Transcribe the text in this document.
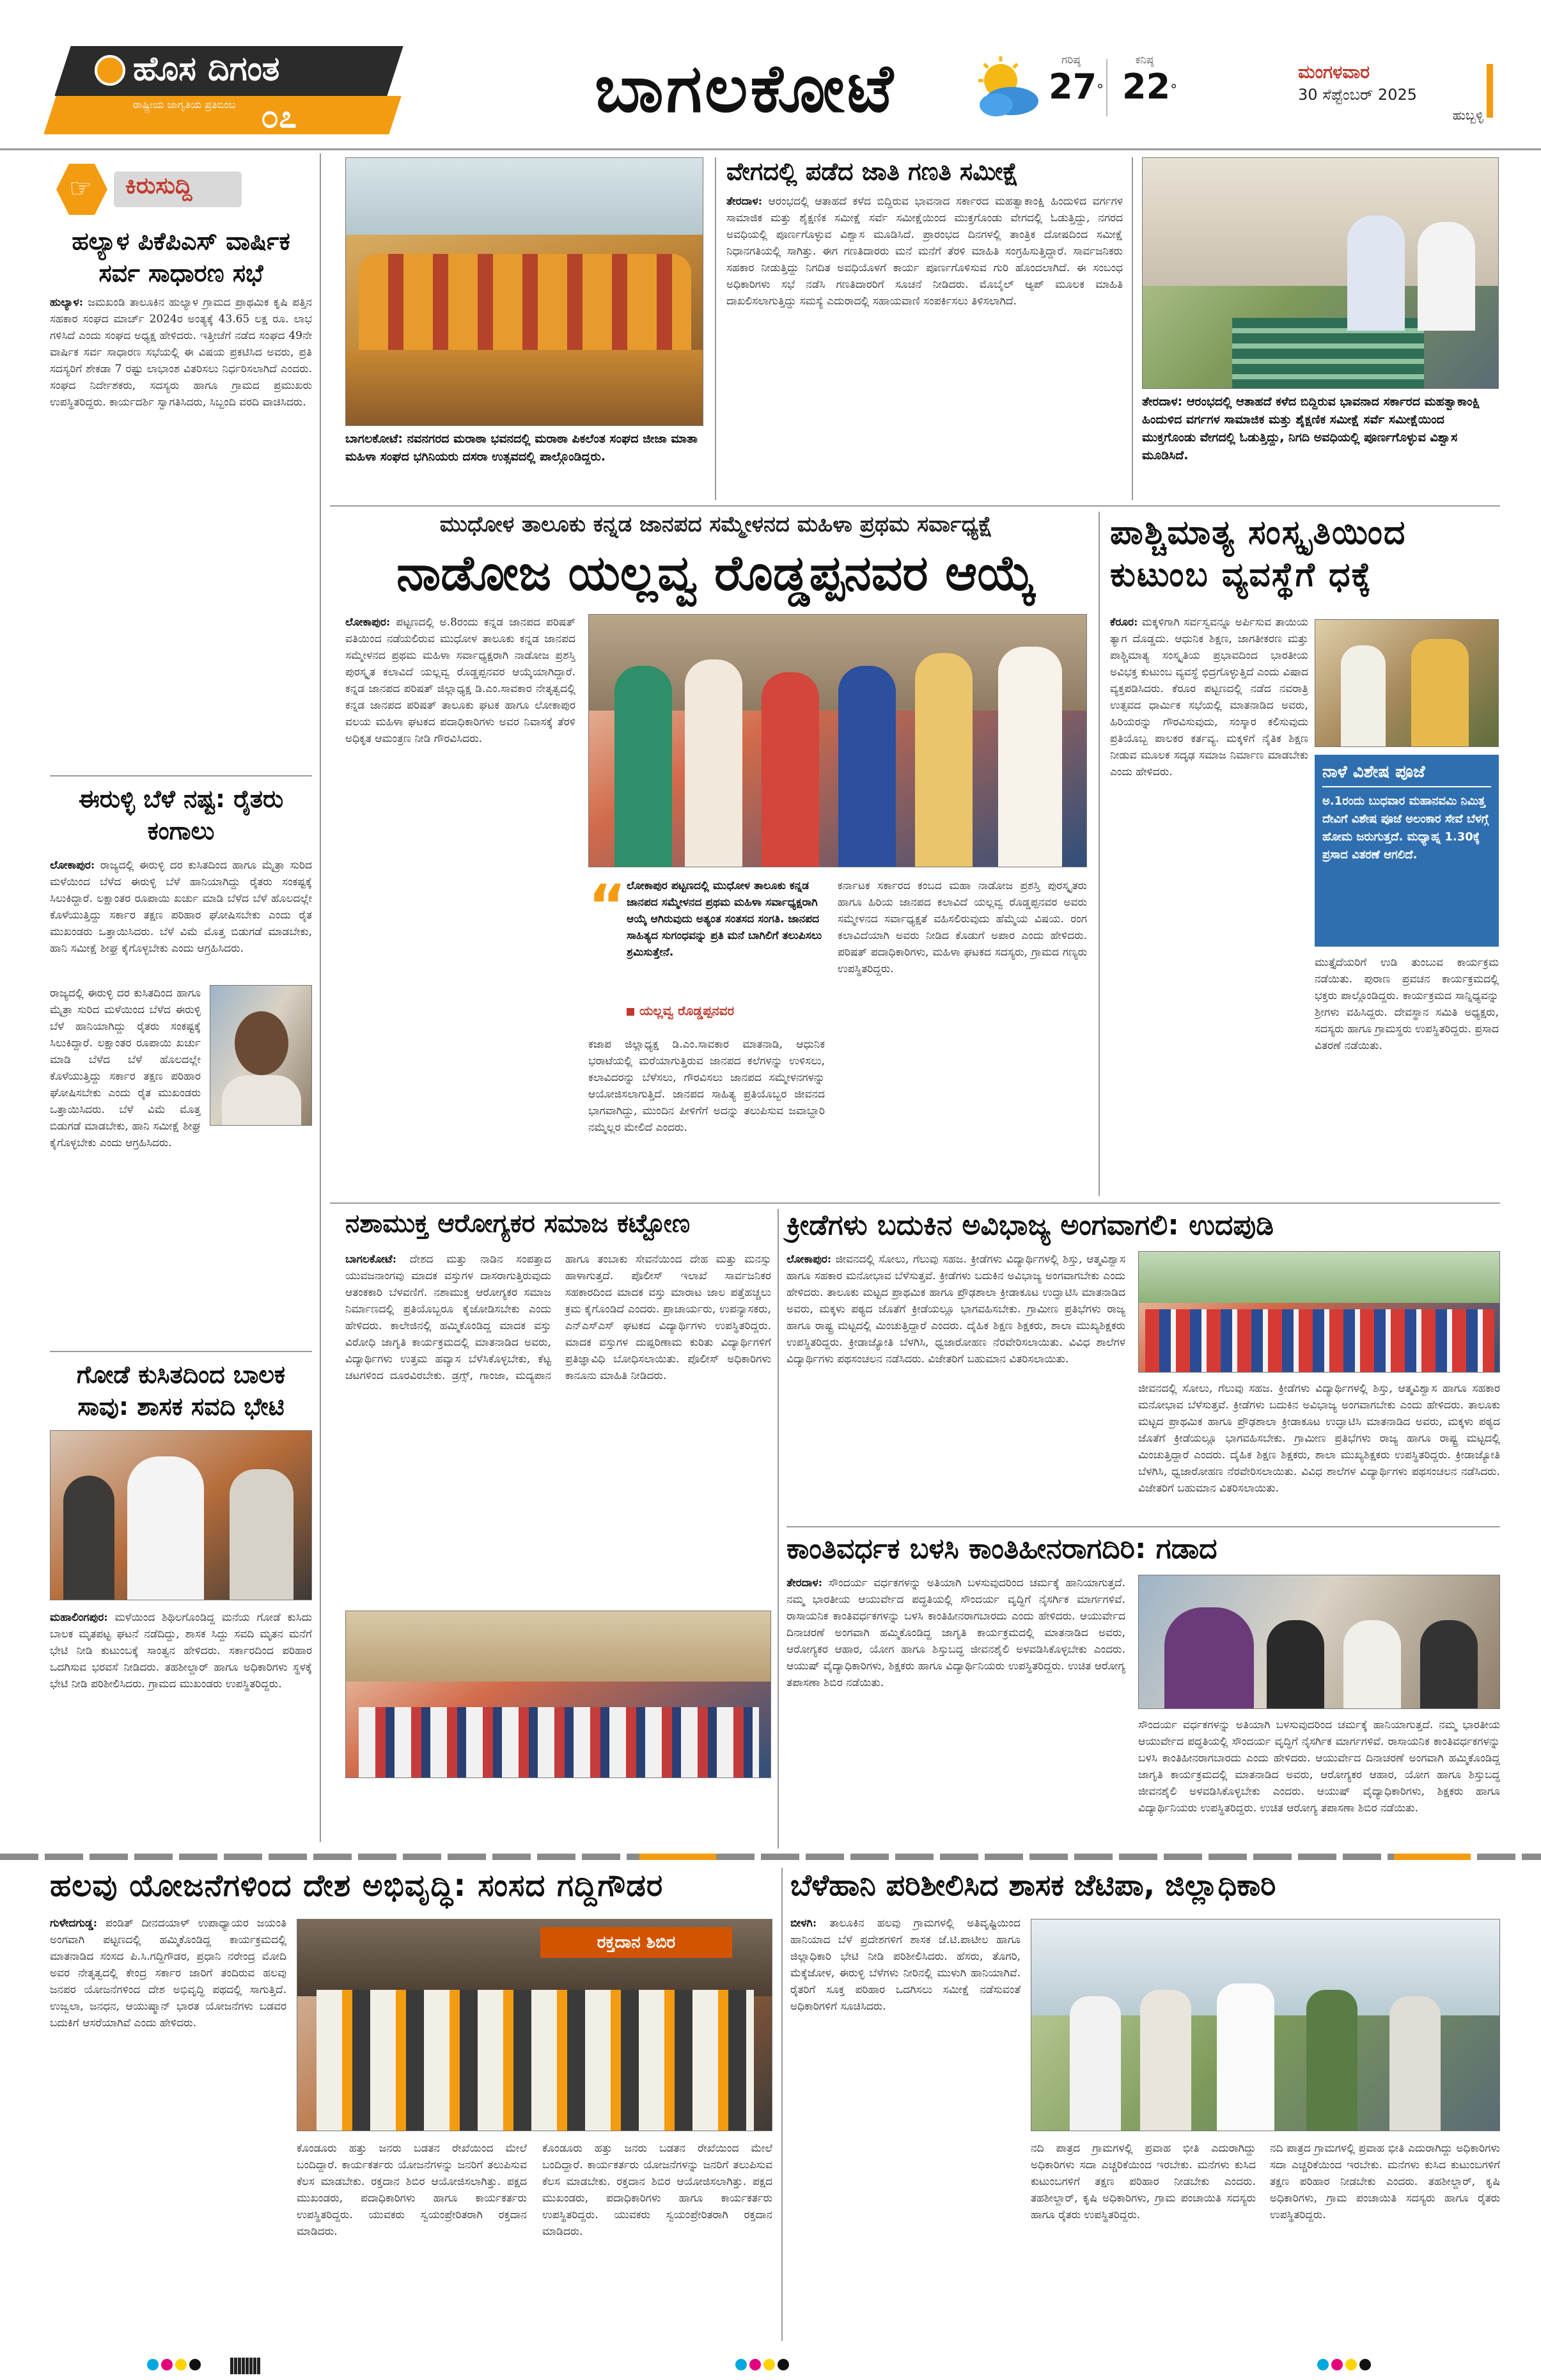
ಹೊಸ ದಿಗಂತ
ರಾಷ್ಟ್ರೀಯ ಜಾಗೃತಿಯ ಪ್ರತಿಬಿಂಬ ೦೭	ಬಾಗಲಕೋಟೆ	ಗರಿಷ್ಠ
27°
ಕನಿಷ್ಠ
22°
ಮಂಗಳವಾರ
30 ಸೆಪ್ಟೆಂಬರ್ 2025
ಹುಬ್ಬಳ್ಳಿ
☞ ಕಿರುಸುದ್ದಿ
ಹಲ್ಯಾಳ ಪಿಕೆಪಿಎಸ್ ವಾರ್ಷಿಕ ಸರ್ವ ಸಾಧಾರಣ ಸಭೆ
ಹುಲ್ಯಾಳ: ಜಮಖಂಡಿ ತಾಲೂಕಿನ ಹುಲ್ಯಾಳ ಗ್ರಾಮದ ಪ್ರಾಥಮಿಕ ಕೃಷಿ ಪತ್ತಿನ ಸಹಕಾರ ಸಂಘದ ಮಾರ್ಚ್ 2024ರ ಅಂತ್ಯಕ್ಕೆ 43.65 ಲಕ್ಷ ರೂ. ಲಾಭ ಗಳಿಸಿದೆ ಎಂದು ಸಂಘದ ಅಧ್ಯಕ್ಷ ಹೇಳಿದರು. ಇತ್ತೀಚೆಗೆ ನಡೆದ ಸಂಘದ 49ನೇ ವಾರ್ಷಿಕ ಸರ್ವ ಸಾಧಾರಣ ಸಭೆಯಲ್ಲಿ ಈ ವಿಷಯ ಪ್ರಕಟಿಸಿದ ಅವರು, ಪ್ರತಿ ಸದಸ್ಯರಿಗೆ ಶೇಕಡಾ 7 ರಷ್ಟು ಲಾಭಾಂಶ ವಿತರಿಸಲು ನಿರ್ಧರಿಸಲಾಗಿದೆ ಎಂದರು. ಸಂಘದ ನಿರ್ದೇಶಕರು, ಸದಸ್ಯರು ಹಾಗೂ ಗ್ರಾಮದ ಪ್ರಮುಖರು ಉಪಸ್ಥಿತರಿದ್ದರು. ಕಾರ್ಯದರ್ಶಿ ಸ್ವಾಗತಿಸಿದರು, ಸಿಬ್ಬಂದಿ ವರದಿ ವಾಚಿಸಿದರು.
ಈರುಳ್ಳಿ ಬೆಳೆ ನಷ್ಟ: ರೈತರು ಕಂಗಾಲು
ಲೋಕಾಪುರ: ರಾಜ್ಯದಲ್ಲಿ ಈರುಳ್ಳಿ ದರ ಕುಸಿತದಿಂದ ಹಾಗೂ ಮೈತ್ರಾ ಸುರಿದ ಮಳೆಯಿಂದ ಬೆಳೆದ ಈರುಳ್ಳಿ ಬೆಳೆ ಹಾನಿಯಾಗಿದ್ದು ರೈತರು ಸಂಕಷ್ಟಕ್ಕೆ ಸಿಲುಕಿದ್ದಾರೆ. ಲಕ್ಷಾಂತರ ರೂಪಾಯಿ ಖರ್ಚು ಮಾಡಿ ಬೆಳೆದ ಬೆಳೆ ಹೊಲದಲ್ಲೇ ಕೊಳೆಯುತ್ತಿದ್ದು ಸರ್ಕಾರ ತಕ್ಷಣ ಪರಿಹಾರ ಘೋಷಿಸಬೇಕು ಎಂದು ರೈತ ಮುಖಂಡರು ಒತ್ತಾಯಿಸಿದರು. ಬೆಳೆ ವಿಮೆ ಮೊತ್ತ ಬಿಡುಗಡೆ ಮಾಡಬೇಕು, ಹಾನಿ ಸಮೀಕ್ಷೆ ಶೀಘ್ರ ಕೈಗೊಳ್ಳಬೇಕು ಎಂದು ಆಗ್ರಹಿಸಿದರು.
ರಾಜ್ಯದಲ್ಲಿ ಈರುಳ್ಳಿ ದರ ಕುಸಿತದಿಂದ ಹಾಗೂ ಮೈತ್ರಾ ಸುರಿದ ಮಳೆಯಿಂದ ಬೆಳೆದ ಈರುಳ್ಳಿ ಬೆಳೆ ಹಾನಿಯಾಗಿದ್ದು ರೈತರು ಸಂಕಷ್ಟಕ್ಕೆ ಸಿಲುಕಿದ್ದಾರೆ. ಲಕ್ಷಾಂತರ ರೂಪಾಯಿ ಖರ್ಚು ಮಾಡಿ ಬೆಳೆದ ಬೆಳೆ ಹೊಲದಲ್ಲೇ ಕೊಳೆಯುತ್ತಿದ್ದು ಸರ್ಕಾರ ತಕ್ಷಣ ಪರಿಹಾರ ಘೋಷಿಸಬೇಕು ಎಂದು ರೈತ ಮುಖಂಡರು ಒತ್ತಾಯಿಸಿದರು. ಬೆಳೆ ವಿಮೆ ಮೊತ್ತ ಬಿಡುಗಡೆ ಮಾಡಬೇಕು, ಹಾನಿ ಸಮೀಕ್ಷೆ ಶೀಘ್ರ ಕೈಗೊಳ್ಳಬೇಕು ಎಂದು ಆಗ್ರಹಿಸಿದರು.
ಗೋಡೆ ಕುಸಿತದಿಂದ ಬಾಲಕ ಸಾವು: ಶಾಸಕ ಸವದಿ ಭೇಟಿ
ಮಹಾಲಿಂಗಪುರ: ಮಳೆಯಿಂದ ಶಿಥಿಲಗೊಂಡಿದ್ದ ಮನೆಯ ಗೋಡೆ ಕುಸಿದು ಬಾಲಕ ಮೃತಪಟ್ಟ ಘಟನೆ ನಡೆದಿದ್ದು, ಶಾಸಕ ಸಿದ್ದು ಸವದಿ ಮೃತನ ಮನೆಗೆ ಭೇಟಿ ನೀಡಿ ಕುಟುಂಬಕ್ಕೆ ಸಾಂತ್ವನ ಹೇಳಿದರು. ಸರ್ಕಾರದಿಂದ ಪರಿಹಾರ ಒದಗಿಸುವ ಭರವಸೆ ನೀಡಿದರು. ತಹಶೀಲ್ದಾರ್ ಹಾಗೂ ಅಧಿಕಾರಿಗಳು ಸ್ಥಳಕ್ಕೆ ಭೇಟಿ ನೀಡಿ ಪರಿಶೀಲಿಸಿದರು. ಗ್ರಾಮದ ಮುಖಂಡರು ಉಪಸ್ಥಿತರಿದ್ದರು.
ಬಾಗಲಕೋಟೆ: ನವನಗರದ ಮರಾಠಾ ಭವನದಲ್ಲಿ ಮರಾಠಾ ಪಿಕಲೆಂತ ಸಂಘದ ಜೀಜಾ ಮಾತಾ ಮಹಿಳಾ ಸಂಘದ ಭಗಿನಿಯರು ದಸರಾ ಉತ್ಸವದಲ್ಲಿ ಪಾಲ್ಗೊಂಡಿದ್ದರು.
ವೇಗದಲ್ಲಿ ಪಡೆದ ಜಾತಿ ಗಣತಿ ಸಮೀಕ್ಷೆ
ತೇರದಾಳ: ಆರಂಭದಲ್ಲಿ ಆತಾಹದೆ ಕಳೆದ ಬಿದ್ದಿರುವ ಭಾವನಾದ ಸರ್ಕಾರದ ಮಹತ್ವಾಕಾಂಕ್ಷಿ ಹಿಂದುಳಿದ ವರ್ಗಗಳ ಸಾಮಾಜಿಕ ಮತ್ತು ಶೈಕ್ಷಣಿಕ ಸಮೀಕ್ಷೆ ಸರ್ವೆ ಸಮೀಕ್ಷೆಯಿಂದ ಮುಕ್ತಗೊಂಡು ವೇಗದಲ್ಲಿ ಓಡುತ್ತಿದ್ದು, ನಗರದ ಅವಧಿಯಲ್ಲಿ ಪೂರ್ಣಗೊಳ್ಳುವ ವಿಶ್ವಾಸ ಮೂಡಿಸಿದೆ. ಪ್ರಾರಂಭದ ದಿನಗಳಲ್ಲಿ ತಾಂತ್ರಿಕ ದೋಷದಿಂದ ಸಮೀಕ್ಷೆ ನಿಧಾನಗತಿಯಲ್ಲಿ ಸಾಗಿತ್ತು. ಈಗ ಗಣತಿದಾರರು ಮನೆ ಮನೆಗೆ ತೆರಳಿ ಮಾಹಿತಿ ಸಂಗ್ರಹಿಸುತ್ತಿದ್ದಾರೆ. ಸಾರ್ವಜನಿಕರು ಸಹಕಾರ ನೀಡುತ್ತಿದ್ದು ನಿಗದಿತ ಅವಧಿಯೊಳಗೆ ಕಾರ್ಯ ಪೂರ್ಣಗೊಳಿಸುವ ಗುರಿ ಹೊಂದಲಾಗಿದೆ. ಈ ಸಂಬಂಧ ಅಧಿಕಾರಿಗಳು ಸಭೆ ನಡೆಸಿ ಗಣತಿದಾರರಿಗೆ ಸೂಚನೆ ನೀಡಿದರು. ಮೊಬೈಲ್ ಆ್ಯಪ್ ಮೂಲಕ ಮಾಹಿತಿ ದಾಖಲಿಸಲಾಗುತ್ತಿದ್ದು ಸಮಸ್ಯೆ ಎದುರಾದಲ್ಲಿ ಸಹಾಯವಾಣಿ ಸಂಪರ್ಕಿಸಲು ತಿಳಿಸಲಾಗಿದೆ.
ತೇರದಾಳ: ಆರಂಭದಲ್ಲಿ ಆತಾಹದೆ ಕಳೆದ ಬಿದ್ದಿರುವ ಭಾವನಾದ ಸರ್ಕಾರದ ಮಹತ್ವಾಕಾಂಕ್ಷಿ ಹಿಂದುಳಿದ ವರ್ಗಗಳ ಸಾಮಾಜಿಕ ಮತ್ತು ಶೈಕ್ಷಣಿಕ ಸಮೀಕ್ಷೆ ಸರ್ವೆ ಸಮೀಕ್ಷೆಯಿಂದ ಮುಕ್ತಗೊಂಡು ವೇಗದಲ್ಲಿ ಓಡುತ್ತಿದ್ದು, ನಿಗದಿ ಅವಧಿಯಲ್ಲಿ ಪೂರ್ಣಗೊಳ್ಳುವ ವಿಶ್ವಾಸ ಮೂಡಿಸಿದೆ.
ಮುಧೋಳ ತಾಲೂಕು ಕನ್ನಡ ಜಾನಪದ ಸಮ್ಮೇಳನದ ಮಹಿಳಾ ಪ್ರಥಮ ಸರ್ವಾಧ್ಯಕ್ಷೆ
ನಾಡೋಜ ಯಲ್ಲವ್ವ ರೊಡ್ಡಪ್ಪನವರ ಆಯ್ಕೆ
ಲೋಕಾಪುರ: ಪಟ್ಟಣದಲ್ಲಿ ಅ.8ರಂದು ಕನ್ನಡ ಜಾನಪದ ಪರಿಷತ್ ವತಿಯಿಂದ ನಡೆಯಲಿರುವ ಮುಧೋಳ ತಾಲೂಕು ಕನ್ನಡ ಜಾನಪದ ಸಮ್ಮೇಳನದ ಪ್ರಥಮ ಮಹಿಳಾ ಸರ್ವಾಧ್ಯಕ್ಷರಾಗಿ ನಾಡೋಜ ಪ್ರಶಸ್ತಿ ಪುರಸ್ಕೃತ ಕಲಾವಿದೆ ಯಲ್ಲವ್ವ ರೊಡ್ಡಪ್ಪನವರ ಆಯ್ಕೆಯಾಗಿದ್ದಾರೆ. ಕನ್ನಡ ಜಾನಪದ ಪರಿಷತ್ ಜಿಲ್ಲಾಧ್ಯಕ್ಷ ಡಿ.ಎಂ.ಸಾವಕಾರ ನೇತೃತ್ವದಲ್ಲಿ ಕನ್ನಡ ಜಾನಪದ ಪರಿಷತ್ ತಾಲೂಕು ಘಟಕ ಹಾಗೂ ಲೋಕಾಪುರ ವಲಯ ಮಹಿಳಾ ಘಟಕದ ಪದಾಧಿಕಾರಿಗಳು ಅವರ ನಿವಾಸಕ್ಕೆ ತೆರಳಿ ಅಧಿಕೃತ ಆಮಂತ್ರಣ ನೀಡಿ ಗೌರವಿಸಿದರು.
“ ಲೋಕಾಪುರ ಪಟ್ಟಣದಲ್ಲಿ ಮುಧೋಳ ತಾಲೂಕು ಕನ್ನಡ ಜಾನಪದ ಸಮ್ಮೇಳನದ ಪ್ರಥಮ ಮಹಿಳಾ ಸರ್ವಾಧ್ಯಕ್ಷರಾಗಿ ಆಯ್ಕೆ ಆಗಿರುವುದು ಅತ್ಯಂತ ಸಂತಸದ ಸಂಗತಿ. ಜಾನಪದ ಸಾಹಿತ್ಯದ ಸುಗಂಧವನ್ನು ಪ್ರತಿ ಮನೆ ಬಾಗಿಲಿಗೆ ತಲುಪಿಸಲು ಶ್ರಮಿಸುತ್ತೇನೆ.
ಯಲ್ಲವ್ವ ರೊಡ್ಡಪ್ಪನವರ
ಕಜಾಪ ಜಿಲ್ಲಾಧ್ಯಕ್ಷ ಡಿ.ಎಂ.ಸಾವಕಾರ ಮಾತನಾಡಿ, ಆಧುನಿಕ ಭರಾಟೆಯಲ್ಲಿ ಮರೆಯಾಗುತ್ತಿರುವ ಜಾನಪದ ಕಲೆಗಳನ್ನು ಉಳಿಸಲು, ಕಲಾವಿದರನ್ನು ಬೆಳೆಸಲು, ಗೌರವಿಸಲು ಜಾನಪದ ಸಮ್ಮೇಳನಗಳನ್ನು ಆಯೋಜಿಸಲಾಗುತ್ತಿದೆ. ಜಾನಪದ ಸಾಹಿತ್ಯ ಪ್ರತಿಯೊಬ್ಬರ ಜೀವನದ ಭಾಗವಾಗಿದ್ದು, ಮುಂದಿನ ಪೀಳಿಗೆಗೆ ಅದನ್ನು ತಲುಪಿಸುವ ಜವಾಬ್ದಾರಿ ನಮ್ಮೆಲ್ಲರ ಮೇಲಿದೆ ಎಂದರು.
ಕರ್ನಾಟಕ ಸರ್ಕಾರದ ಕಂಬದ ಮಹಾ ನಾಡೋಜ ಪ್ರಶಸ್ತಿ ಪುರಸ್ಕೃತರು ಹಾಗೂ ಹಿರಿಯ ಜಾನಪದ ಕಲಾವಿದೆ ಯಲ್ಲವ್ವ ರೊಡ್ಡಪ್ಪನವರ ಅವರು ಸಮ್ಮೇಳನದ ಸರ್ವಾಧ್ಯಕ್ಷತೆ ವಹಿಸಲಿರುವುದು ಹೆಮ್ಮೆಯ ವಿಷಯ. ರಂಗ ಕಲಾವಿದೆಯಾಗಿ ಅವರು ನೀಡಿದ ಕೊಡುಗೆ ಅಪಾರ ಎಂದು ಹೇಳಿದರು. ಪರಿಷತ್ ಪದಾಧಿಕಾರಿಗಳು, ಮಹಿಳಾ ಘಟಕದ ಸದಸ್ಯರು, ಗ್ರಾಮದ ಗಣ್ಯರು ಉಪಸ್ಥಿತರಿದ್ದರು.
ಪಾಶ್ಚಿಮಾತ್ಯ ಸಂಸ್ಕೃತಿಯಿಂದ ಕುಟುಂಬ ವ್ಯವಸ್ಥೆಗೆ ಧಕ್ಕೆ
ಕೆರೂರ: ಮಕ್ಕಳಿಗಾಗಿ ಸರ್ವಸ್ವವನ್ನೂ ಅರ್ಪಿಸುವ ತಾಯಿಯ ತ್ಯಾಗ ದೊಡ್ಡದು. ಆಧುನಿಕ ಶಿಕ್ಷಣ, ಜಾಗತೀಕರಣ ಮತ್ತು ಪಾಶ್ಚಿಮಾತ್ಯ ಸಂಸ್ಕೃತಿಯ ಪ್ರಭಾವದಿಂದ ಭಾರತೀಯ ಅವಿಭಕ್ತ ಕುಟುಂಬ ವ್ಯವಸ್ಥೆ ಛಿದ್ರಗೊಳ್ಳುತ್ತಿದೆ ಎಂದು ವಿಷಾದ ವ್ಯಕ್ತಪಡಿಸಿದರು. ಕೆರೂರ ಪಟ್ಟಣದಲ್ಲಿ ನಡೆದ ನವರಾತ್ರಿ ಉತ್ಸವದ ಧಾರ್ಮಿಕ ಸಭೆಯಲ್ಲಿ ಮಾತನಾಡಿದ ಅವರು, ಹಿರಿಯರನ್ನು ಗೌರವಿಸುವುದು, ಸಂಸ್ಕಾರ ಕಲಿಸುವುದು ಪ್ರತಿಯೊಬ್ಬ ಪಾಲಕರ ಕರ್ತವ್ಯ. ಮಕ್ಕಳಿಗೆ ನೈತಿಕ ಶಿಕ್ಷಣ ನೀಡುವ ಮೂಲಕ ಸದೃಢ ಸಮಾಜ ನಿರ್ಮಾಣ ಮಾಡಬೇಕು ಎಂದು ಹೇಳಿದರು.	ನಾಳೆ ವಿಶೇಷ ಪೂಜೆ
ಅ.1ರಂದು ಬುಧವಾರ ಮಹಾನವಮಿ ನಿಮಿತ್ತ ದೇವಿಗೆ ವಿಶೇಷ ಪೂಜೆ ಅಲಂಕಾರ ಸೇವೆ ಬೆಳಗ್ಗೆ ಹೋಮ ಜರುಗುತ್ತದೆ. ಮಧ್ಯಾಹ್ನ 1.30ಕ್ಕೆ ಪ್ರಸಾದ ವಿತರಣೆ ಆಗಲಿದೆ.
ಮುತ್ತೈದೆಯರಿಗೆ ಉಡಿ ತುಂಬುವ ಕಾರ್ಯಕ್ರಮ ನಡೆಯಿತು. ಪುರಾಣ ಪ್ರವಚನ ಕಾರ್ಯಕ್ರಮದಲ್ಲಿ ಭಕ್ತರು ಪಾಲ್ಗೊಂಡಿದ್ದರು. ಕಾರ್ಯಕ್ರಮದ ಸಾನ್ನಿಧ್ಯವನ್ನು ಶ್ರೀಗಳು ವಹಿಸಿದ್ದರು. ದೇವಸ್ಥಾನ ಸಮಿತಿ ಅಧ್ಯಕ್ಷರು, ಸದಸ್ಯರು ಹಾಗೂ ಗ್ರಾಮಸ್ಥರು ಉಪಸ್ಥಿತರಿದ್ದರು. ಪ್ರಸಾದ ವಿತರಣೆ ನಡೆಯಿತು.
ನಶಾಮುಕ್ತ ಆರೋಗ್ಯಕರ ಸಮಾಜ ಕಟ್ಟೋಣ
ಬಾಗಲಕೋಟೆ: ದೇಶದ ಮತ್ತು ನಾಡಿನ ಸಂಪತ್ತಾದ ಯುವಜನಾಂಗವು ಮಾದಕ ವಸ್ತುಗಳ ದಾಸರಾಗುತ್ತಿರುವುದು ಆತಂಕಕಾರಿ ಬೆಳವಣಿಗೆ. ನಶಾಮುಕ್ತ ಆರೋಗ್ಯಕರ ಸಮಾಜ ನಿರ್ಮಾಣದಲ್ಲಿ ಪ್ರತಿಯೊಬ್ಬರೂ ಕೈಜೋಡಿಸಬೇಕು ಎಂದು ಹೇಳಿದರು. ಕಾಲೇಜಿನಲ್ಲಿ ಹಮ್ಮಿಕೊಂಡಿದ್ದ ಮಾದಕ ವಸ್ತು ವಿರೋಧಿ ಜಾಗೃತಿ ಕಾರ್ಯಕ್ರಮದಲ್ಲಿ ಮಾತನಾಡಿದ ಅವರು, ವಿದ್ಯಾರ್ಥಿಗಳು ಉತ್ತಮ ಹವ್ಯಾಸ ಬೆಳೆಸಿಕೊಳ್ಳಬೇಕು, ಕೆಟ್ಟ ಚಟಗಳಿಂದ ದೂರವಿರಬೇಕು. ಡ್ರಗ್ಸ್, ಗಾಂಜಾ, ಮದ್ಯಪಾನ ಹಾಗೂ ತಂಬಾಕು ಸೇವನೆಯಿಂದ ದೇಹ ಮತ್ತು ಮನಸ್ಸು ಹಾಳಾಗುತ್ತದೆ. ಪೊಲೀಸ್ ಇಲಾಖೆ ಸಾರ್ವಜನಿಕರ ಸಹಕಾರದಿಂದ ಮಾದಕ ವಸ್ತು ಮಾರಾಟ ಜಾಲ ಪತ್ತೆಹಚ್ಚಲು ಕ್ರಮ ಕೈಗೊಂಡಿದೆ ಎಂದರು. ಪ್ರಾಚಾರ್ಯರು, ಉಪನ್ಯಾಸಕರು, ಎನ್ಎಸ್ಎಸ್ ಘಟಕದ ವಿದ್ಯಾರ್ಥಿಗಳು ಉಪಸ್ಥಿತರಿದ್ದರು. ಮಾದಕ ವಸ್ತುಗಳ ದುಷ್ಪರಿಣಾಮ ಕುರಿತು ವಿದ್ಯಾರ್ಥಿಗಳಿಗೆ ಪ್ರತಿಜ್ಞಾವಿಧಿ ಬೋಧಿಸಲಾಯಿತು. ಪೊಲೀಸ್ ಅಧಿಕಾರಿಗಳು ಕಾನೂನು ಮಾಹಿತಿ ನೀಡಿದರು.
ಕ್ರೀಡೆಗಳು ಬದುಕಿನ ಅವಿಭಾಜ್ಯ ಅಂಗವಾಗಲಿ: ಉದಪುಡಿ
ಲೋಕಾಪುರ: ಜೀವನದಲ್ಲಿ ಸೋಲು, ಗೆಲುವು ಸಹಜ. ಕ್ರೀಡೆಗಳು ವಿದ್ಯಾರ್ಥಿಗಳಲ್ಲಿ ಶಿಸ್ತು, ಆತ್ಮವಿಶ್ವಾಸ ಹಾಗೂ ಸಹಕಾರ ಮನೋಭಾವ ಬೆಳೆಸುತ್ತವೆ. ಕ್ರೀಡೆಗಳು ಬದುಕಿನ ಅವಿಭಾಜ್ಯ ಅಂಗವಾಗಬೇಕು ಎಂದು ಹೇಳಿದರು. ತಾಲೂಕು ಮಟ್ಟದ ಪ್ರಾಥಮಿಕ ಹಾಗೂ ಪ್ರೌಢಶಾಲಾ ಕ್ರೀಡಾಕೂಟ ಉದ್ಘಾಟಿಸಿ ಮಾತನಾಡಿದ ಅವರು, ಮಕ್ಕಳು ಪಠ್ಯದ ಜೊತೆಗೆ ಕ್ರೀಡೆಯಲ್ಲೂ ಭಾಗವಹಿಸಬೇಕು. ಗ್ರಾಮೀಣ ಪ್ರತಿಭೆಗಳು ರಾಜ್ಯ ಹಾಗೂ ರಾಷ್ಟ್ರ ಮಟ್ಟದಲ್ಲಿ ಮಿಂಚುತ್ತಿದ್ದಾರೆ ಎಂದರು. ದೈಹಿಕ ಶಿಕ್ಷಣ ಶಿಕ್ಷಕರು, ಶಾಲಾ ಮುಖ್ಯಶಿಕ್ಷಕರು ಉಪಸ್ಥಿತರಿದ್ದರು. ಕ್ರೀಡಾಜ್ಯೋತಿ ಬೆಳಗಿಸಿ, ಧ್ವಜಾರೋಹಣ ನೆರವೇರಿಸಲಾಯಿತು. ವಿವಿಧ ಶಾಲೆಗಳ ವಿದ್ಯಾರ್ಥಿಗಳು ಪಥಸಂಚಲನ ನಡೆಸಿದರು. ವಿಜೇತರಿಗೆ ಬಹುಮಾನ ವಿತರಿಸಲಾಯಿತು.
ಜೀವನದಲ್ಲಿ ಸೋಲು, ಗೆಲುವು ಸಹಜ. ಕ್ರೀಡೆಗಳು ವಿದ್ಯಾರ್ಥಿಗಳಲ್ಲಿ ಶಿಸ್ತು, ಆತ್ಮವಿಶ್ವಾಸ ಹಾಗೂ ಸಹಕಾರ ಮನೋಭಾವ ಬೆಳೆಸುತ್ತವೆ. ಕ್ರೀಡೆಗಳು ಬದುಕಿನ ಅವಿಭಾಜ್ಯ ಅಂಗವಾಗಬೇಕು ಎಂದು ಹೇಳಿದರು. ತಾಲೂಕು ಮಟ್ಟದ ಪ್ರಾಥಮಿಕ ಹಾಗೂ ಪ್ರೌಢಶಾಲಾ ಕ್ರೀಡಾಕೂಟ ಉದ್ಘಾಟಿಸಿ ಮಾತನಾಡಿದ ಅವರು, ಮಕ್ಕಳು ಪಠ್ಯದ ಜೊತೆಗೆ ಕ್ರೀಡೆಯಲ್ಲೂ ಭಾಗವಹಿಸಬೇಕು. ಗ್ರಾಮೀಣ ಪ್ರತಿಭೆಗಳು ರಾಜ್ಯ ಹಾಗೂ ರಾಷ್ಟ್ರ ಮಟ್ಟದಲ್ಲಿ ಮಿಂಚುತ್ತಿದ್ದಾರೆ ಎಂದರು. ದೈಹಿಕ ಶಿಕ್ಷಣ ಶಿಕ್ಷಕರು, ಶಾಲಾ ಮುಖ್ಯಶಿಕ್ಷಕರು ಉಪಸ್ಥಿತರಿದ್ದರು. ಕ್ರೀಡಾಜ್ಯೋತಿ ಬೆಳಗಿಸಿ, ಧ್ವಜಾರೋಹಣ ನೆರವೇರಿಸಲಾಯಿತು. ವಿವಿಧ ಶಾಲೆಗಳ ವಿದ್ಯಾರ್ಥಿಗಳು ಪಥಸಂಚಲನ ನಡೆಸಿದರು. ವಿಜೇತರಿಗೆ ಬಹುಮಾನ ವಿತರಿಸಲಾಯಿತು.
ಕಾಂತಿವರ್ಧಕ ಬಳಸಿ ಕಾಂತಿಹೀನರಾಗದಿರಿ: ಗಡಾದ
ತೇರದಾಳ: ಸೌಂದರ್ಯ ವರ್ಧಕಗಳನ್ನು ಅತಿಯಾಗಿ ಬಳಸುವುದರಿಂದ ಚರ್ಮಕ್ಕೆ ಹಾನಿಯಾಗುತ್ತದೆ. ನಮ್ಮ ಭಾರತೀಯ ಆಯುರ್ವೇದ ಪದ್ಧತಿಯಲ್ಲಿ ಸೌಂದರ್ಯ ವೃದ್ಧಿಗೆ ನೈಸರ್ಗಿಕ ಮಾರ್ಗಗಳಿವೆ. ರಾಸಾಯನಿಕ ಕಾಂತಿವರ್ಧಕಗಳನ್ನು ಬಳಸಿ ಕಾಂತಿಹೀನರಾಗಬಾರದು ಎಂದು ಹೇಳಿದರು. ಆಯುರ್ವೇದ ದಿನಾಚರಣೆ ಅಂಗವಾಗಿ ಹಮ್ಮಿಕೊಂಡಿದ್ದ ಜಾಗೃತಿ ಕಾರ್ಯಕ್ರಮದಲ್ಲಿ ಮಾತನಾಡಿದ ಅವರು, ಆರೋಗ್ಯಕರ ಆಹಾರ, ಯೋಗ ಹಾಗೂ ಶಿಸ್ತುಬದ್ಧ ಜೀವನಶೈಲಿ ಅಳವಡಿಸಿಕೊಳ್ಳಬೇಕು ಎಂದರು. ಆಯುಷ್ ವೈದ್ಯಾಧಿಕಾರಿಗಳು, ಶಿಕ್ಷಕರು ಹಾಗೂ ವಿದ್ಯಾರ್ಥಿನಿಯರು ಉಪಸ್ಥಿತರಿದ್ದರು. ಉಚಿತ ಆರೋಗ್ಯ ತಪಾಸಣಾ ಶಿಬಿರ ನಡೆಯಿತು.
ಸೌಂದರ್ಯ ವರ್ಧಕಗಳನ್ನು ಅತಿಯಾಗಿ ಬಳಸುವುದರಿಂದ ಚರ್ಮಕ್ಕೆ ಹಾನಿಯಾಗುತ್ತದೆ. ನಮ್ಮ ಭಾರತೀಯ ಆಯುರ್ವೇದ ಪದ್ಧತಿಯಲ್ಲಿ ಸೌಂದರ್ಯ ವೃದ್ಧಿಗೆ ನೈಸರ್ಗಿಕ ಮಾರ್ಗಗಳಿವೆ. ರಾಸಾಯನಿಕ ಕಾಂತಿವರ್ಧಕಗಳನ್ನು ಬಳಸಿ ಕಾಂತಿಹೀನರಾಗಬಾರದು ಎಂದು ಹೇಳಿದರು. ಆಯುರ್ವೇದ ದಿನಾಚರಣೆ ಅಂಗವಾಗಿ ಹಮ್ಮಿಕೊಂಡಿದ್ದ ಜಾಗೃತಿ ಕಾರ್ಯಕ್ರಮದಲ್ಲಿ ಮಾತನಾಡಿದ ಅವರು, ಆರೋಗ್ಯಕರ ಆಹಾರ, ಯೋಗ ಹಾಗೂ ಶಿಸ್ತುಬದ್ಧ ಜೀವನಶೈಲಿ ಅಳವಡಿಸಿಕೊಳ್ಳಬೇಕು ಎಂದರು. ಆಯುಷ್ ವೈದ್ಯಾಧಿಕಾರಿಗಳು, ಶಿಕ್ಷಕರು ಹಾಗೂ ವಿದ್ಯಾರ್ಥಿನಿಯರು ಉಪಸ್ಥಿತರಿದ್ದರು. ಉಚಿತ ಆರೋಗ್ಯ ತಪಾಸಣಾ ಶಿಬಿರ ನಡೆಯಿತು.
ಹಲವು ಯೋಜನೆಗಳಿಂದ ದೇಶ ಅಭಿವೃದ್ಧಿ: ಸಂಸದ ಗದ್ದಿಗೌಡರ
ಗುಳೇದಗುಡ್ಡ: ಪಂಡಿತ್ ದೀನದಯಾಳ್ ಉಪಾಧ್ಯಾಯರ ಜಯಂತಿ ಅಂಗವಾಗಿ ಪಟ್ಟಣದಲ್ಲಿ ಹಮ್ಮಿಕೊಂಡಿದ್ದ ಕಾರ್ಯಕ್ರಮದಲ್ಲಿ ಮಾತನಾಡಿದ ಸಂಸದ ಪಿ.ಸಿ.ಗದ್ದಿಗೌಡರ, ಪ್ರಧಾನಿ ನರೇಂದ್ರ ಮೋದಿ ಅವರ ನೇತೃತ್ವದಲ್ಲಿ ಕೇಂದ್ರ ಸರ್ಕಾರ ಜಾರಿಗೆ ತಂದಿರುವ ಹಲವು ಜನಪರ ಯೋಜನೆಗಳಿಂದ ದೇಶ ಅಭಿವೃದ್ಧಿ ಪಥದಲ್ಲಿ ಸಾಗುತ್ತಿದೆ. ಉಜ್ವಲಾ, ಜನಧನ, ಆಯುಷ್ಮಾನ್ ಭಾರತ ಯೋಜನೆಗಳು ಬಡವರ ಬದುಕಿಗೆ ಆಸರೆಯಾಗಿವೆ ಎಂದು ಹೇಳಿದರು.
ರಕ್ತದಾನ ಶಿಬಿರ
ಕೊಂಡೂರು ಹತ್ತು ಜನರು ಬಡತನ ರೇಖೆಯಿಂದ ಮೇಲೆ ಬಂದಿದ್ದಾರೆ. ಕಾರ್ಯಕರ್ತರು ಯೋಜನೆಗಳನ್ನು ಜನರಿಗೆ ತಲುಪಿಸುವ ಕೆಲಸ ಮಾಡಬೇಕು. ರಕ್ತದಾನ ಶಿಬಿರ ಆಯೋಜಿಸಲಾಗಿತ್ತು. ಪಕ್ಷದ ಮುಖಂಡರು, ಪದಾಧಿಕಾರಿಗಳು ಹಾಗೂ ಕಾರ್ಯಕರ್ತರು ಉಪಸ್ಥಿತರಿದ್ದರು. ಯುವಕರು ಸ್ವಯಂಪ್ರೇರಿತರಾಗಿ ರಕ್ತದಾನ ಮಾಡಿದರು.
ಕೊಂಡೂರು ಹತ್ತು ಜನರು ಬಡತನ ರೇಖೆಯಿಂದ ಮೇಲೆ ಬಂದಿದ್ದಾರೆ. ಕಾರ್ಯಕರ್ತರು ಯೋಜನೆಗಳನ್ನು ಜನರಿಗೆ ತಲುಪಿಸುವ ಕೆಲಸ ಮಾಡಬೇಕು. ರಕ್ತದಾನ ಶಿಬಿರ ಆಯೋಜಿಸಲಾಗಿತ್ತು. ಪಕ್ಷದ ಮುಖಂಡರು, ಪದಾಧಿಕಾರಿಗಳು ಹಾಗೂ ಕಾರ್ಯಕರ್ತರು ಉಪಸ್ಥಿತರಿದ್ದರು. ಯುವಕರು ಸ್ವಯಂಪ್ರೇರಿತರಾಗಿ ರಕ್ತದಾನ ಮಾಡಿದರು.
ಬೆಳೆಹಾನಿ ಪರಿಶೀಲಿಸಿದ ಶಾಸಕ ಜೆಟಿಪಾ, ಜಿಲ್ಲಾಧಿಕಾರಿ
ಬೀಳಗಿ: ತಾಲೂಕಿನ ಹಲವು ಗ್ರಾಮಗಳಲ್ಲಿ ಅತಿವೃಷ್ಟಿಯಿಂದ ಹಾನಿಯಾದ ಬೆಳೆ ಪ್ರದೇಶಗಳಿಗೆ ಶಾಸಕ ಜೆ.ಟಿ.ಪಾಟೀಲ ಹಾಗೂ ಜಿಲ್ಲಾಧಿಕಾರಿ ಭೇಟಿ ನೀಡಿ ಪರಿಶೀಲಿಸಿದರು. ಹೆಸರು, ತೊಗರಿ, ಮೆಕ್ಕೆಜೋಳ, ಈರುಳ್ಳಿ ಬೆಳೆಗಳು ನೀರಿನಲ್ಲಿ ಮುಳುಗಿ ಹಾನಿಯಾಗಿವೆ. ರೈತರಿಗೆ ಸೂಕ್ತ ಪರಿಹಾರ ಒದಗಿಸಲು ಸಮೀಕ್ಷೆ ನಡೆಸುವಂತೆ ಅಧಿಕಾರಿಗಳಿಗೆ ಸೂಚಿಸಿದರು.
ನದಿ ಪಾತ್ರದ ಗ್ರಾಮಗಳಲ್ಲಿ ಪ್ರವಾಹ ಭೀತಿ ಎದುರಾಗಿದ್ದು ಅಧಿಕಾರಿಗಳು ಸದಾ ಎಚ್ಚರಿಕೆಯಿಂದ ಇರಬೇಕು. ಮನೆಗಳು ಕುಸಿದ ಕುಟುಂಬಗಳಿಗೆ ತಕ್ಷಣ ಪರಿಹಾರ ನೀಡಬೇಕು ಎಂದರು. ತಹಶೀಲ್ದಾರ್, ಕೃಷಿ ಅಧಿಕಾರಿಗಳು, ಗ್ರಾಮ ಪಂಚಾಯಿತಿ ಸದಸ್ಯರು ಹಾಗೂ ರೈತರು ಉಪಸ್ಥಿತರಿದ್ದರು.
ನದಿ ಪಾತ್ರದ ಗ್ರಾಮಗಳಲ್ಲಿ ಪ್ರವಾಹ ಭೀತಿ ಎದುರಾಗಿದ್ದು ಅಧಿಕಾರಿಗಳು ಸದಾ ಎಚ್ಚರಿಕೆಯಿಂದ ಇರಬೇಕು. ಮನೆಗಳು ಕುಸಿದ ಕುಟುಂಬಗಳಿಗೆ ತಕ್ಷಣ ಪರಿಹಾರ ನೀಡಬೇಕು ಎಂದರು. ತಹಶೀಲ್ದಾರ್, ಕೃಷಿ ಅಧಿಕಾರಿಗಳು, ಗ್ರಾಮ ಪಂಚಾಯಿತಿ ಸದಸ್ಯರು ಹಾಗೂ ರೈತರು ಉಪಸ್ಥಿತರಿದ್ದರು.
